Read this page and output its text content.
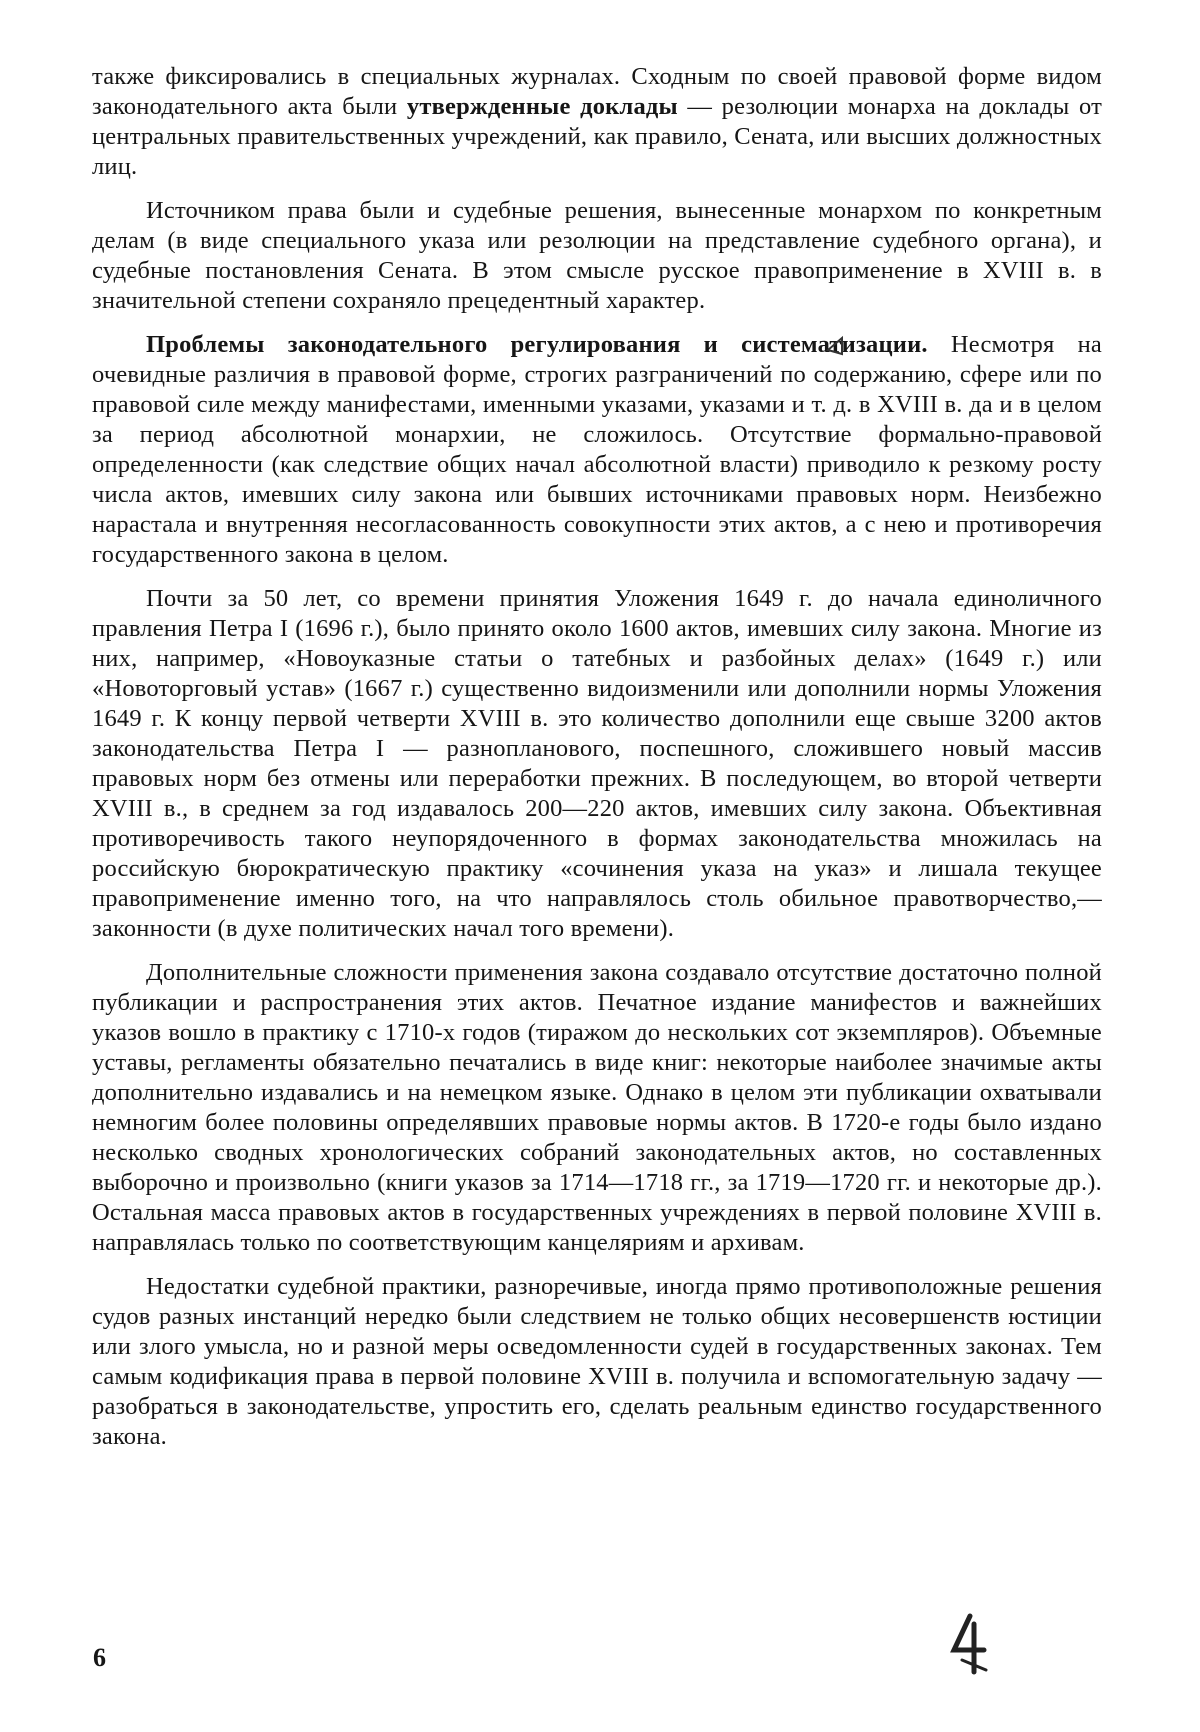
также фиксировались в специальных журналах. Сходным по своей правовой форме видом законодательного акта были утвержденные доклады — резолюции монарха на доклады от центральных правительственных учреждений, как правило, Сената, или высших должностных лиц.

Источником права были и судебные решения, вынесенные монархом по конкретным делам (в виде специального указа или резолюции на представление судебного органа), и судебные постановления Сената. В этом смысле русское правоприменение в XVIII в. в значительной степени сохраняло прецедентный характер.

Проблемы законодательного регулирования и систематизации. Несмотря на очевидные различия в правовой форме, строгих разграничений по содержанию, сфере или по правовой силе между манифестами, именными указами, указами и т. д. в XVIII в. да и в целом за период абсолютной монархии, не сложилось. Отсутствие формально-правовой определенности (как следствие общих начал абсолютной власти) приводило к резкому росту числа актов, имевших силу закона или бывших источниками правовых норм. Неизбежно нарастала и внутренняя несогласованность совокупности этих актов, а с нею и противоречия государственного закона в целом.

Почти за 50 лет, со времени принятия Уложения 1649 г. до начала единоличного правления Петра I (1696 г.), было принято около 1600 актов, имевших силу закона. Многие из них, например, «Новоуказные статьи о татебных и разбойных делах» (1649 г.) или «Новоторговый устав» (1667 г.) существенно видоизменили или дополнили нормы Уложения 1649 г. К концу первой четверти XVIII в. это количество дополнили еще свыше 3200 актов законодательства Петра I — разнопланового, поспешного, сложившего новый массив правовых норм без отмены или переработки прежних. В последующем, во второй четверти XVIII в., в среднем за год издавалось 200—220 актов, имевших силу закона. Объективная противоречивость такого неупорядоченного в формах законодательства множилась на российскую бюрократическую практику «сочинения указа на указ» и лишала текущее правоприменение именно того, на что направлялось столь обильное правотворчество,— законности (в духе политических начал того времени).

Дополнительные сложности применения закона создавало отсутствие достаточно полной публикации и распространения этих актов. Печатное издание манифестов и важнейших указов вошло в практику с 1710-х годов (тиражом до нескольких сот экземпляров). Объемные уставы, регламенты обязательно печатались в виде книг: некоторые наиболее значимые акты дополнительно издавались и на немецком языке. Однако в целом эти публикации охватывали немногим более половины определявших правовые нормы актов. В 1720-е годы было издано несколько сводных хронологических собраний законодательных актов, но составленных выборочно и произвольно (книги указов за 1714—1718 гг., за 1719—1720 гг. и некоторые др.). Остальная масса правовых актов в государственных учреждениях в первой половине XVIII в. направлялась только по соответствующим канцеляриям и архивам.

Недостатки судебной практики, разноречивые, иногда прямо противоположные решения судов разных инстанций нередко были следствием не только общих несовершенств юстиции или злого умысла, но и разной меры осведомленности судей в государственных законах. Тем самым кодификация права в первой половине XVIII в. получила и вспомогательную задачу — разобраться в законодательстве, упростить его, сделать реальным единство государственного закона.

6
